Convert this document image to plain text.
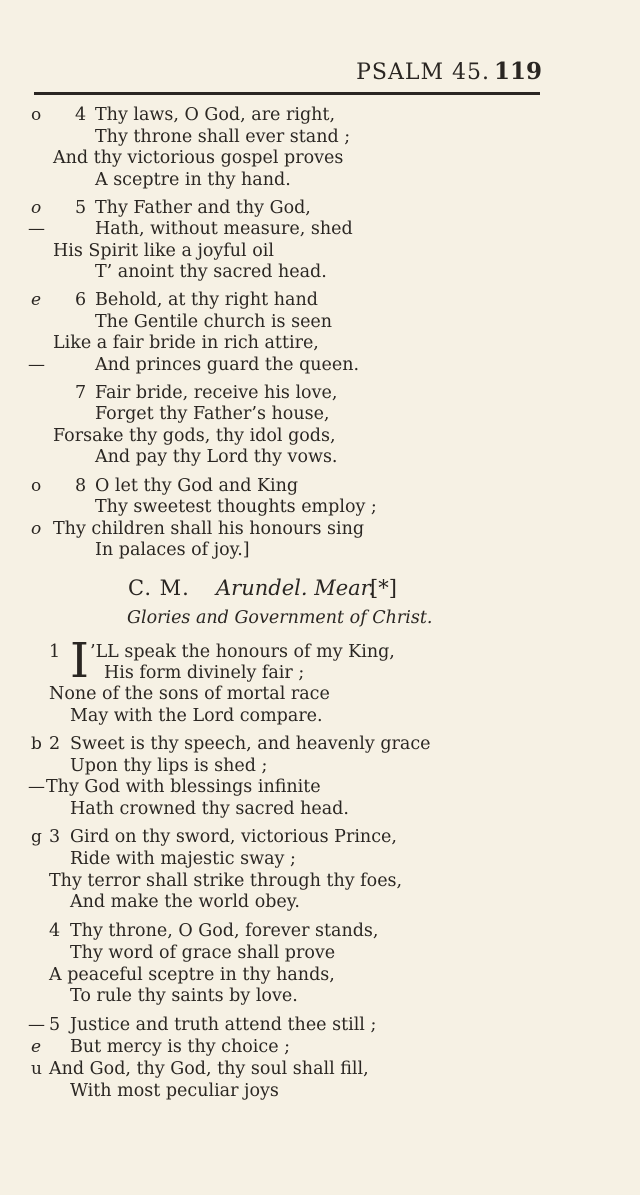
PSALM 45. 119
o 4 Thy laws, O God, are right,
Thy throne shall ever stand ;
And thy victorious gospel proves
A sceptre in thy hand.
o 5 Thy Father and thy God,
—	Hath, without measure, shed
His Spirit like a joyful oil
T’ anoint thy sacred head.
e 6 Behold, at thy right hand
The Gentile church is seen
Like a fair bride in rich attire,
—	And princes guard the queen.
7 Fair bride, receive his love,
Forget thy Father’s house,
Forsake thy gods, thy idol gods,
And pay thy Lord thy vows.
o 8 O let thy God and King
Thy sweetest thoughts employ ;
o Thy children shall his honours sing
In palaces of joy.]
C. M. Arundel. Mear.
[*]
Glories and Government of Christ.
I
1 ’LL speak the honours of my King,
His form divinely fair ;
None of the sons of mortal race
May with the Lord compare.
b 2 Sweet is thy speech, and heavenly grace
Upon thy lips is shed ;
— Thy God with blessings infinite
Hath crowned thy sacred head.
g 3 Gird on thy sword, victorious Prince,
Ride with majestic sway ;
Thy terror shall strike through thy foes,
And make the world obey.
4 Thy throne, O God, forever stands,
Thy word of grace shall prove
A peaceful sceptre in thy hands,
To rule thy saints by love.
— 5 Justice and truth attend thee still ;
e But mercy is thy choice ;
u And God, thy God, thy soul shall fill,
With most peculiar joys
